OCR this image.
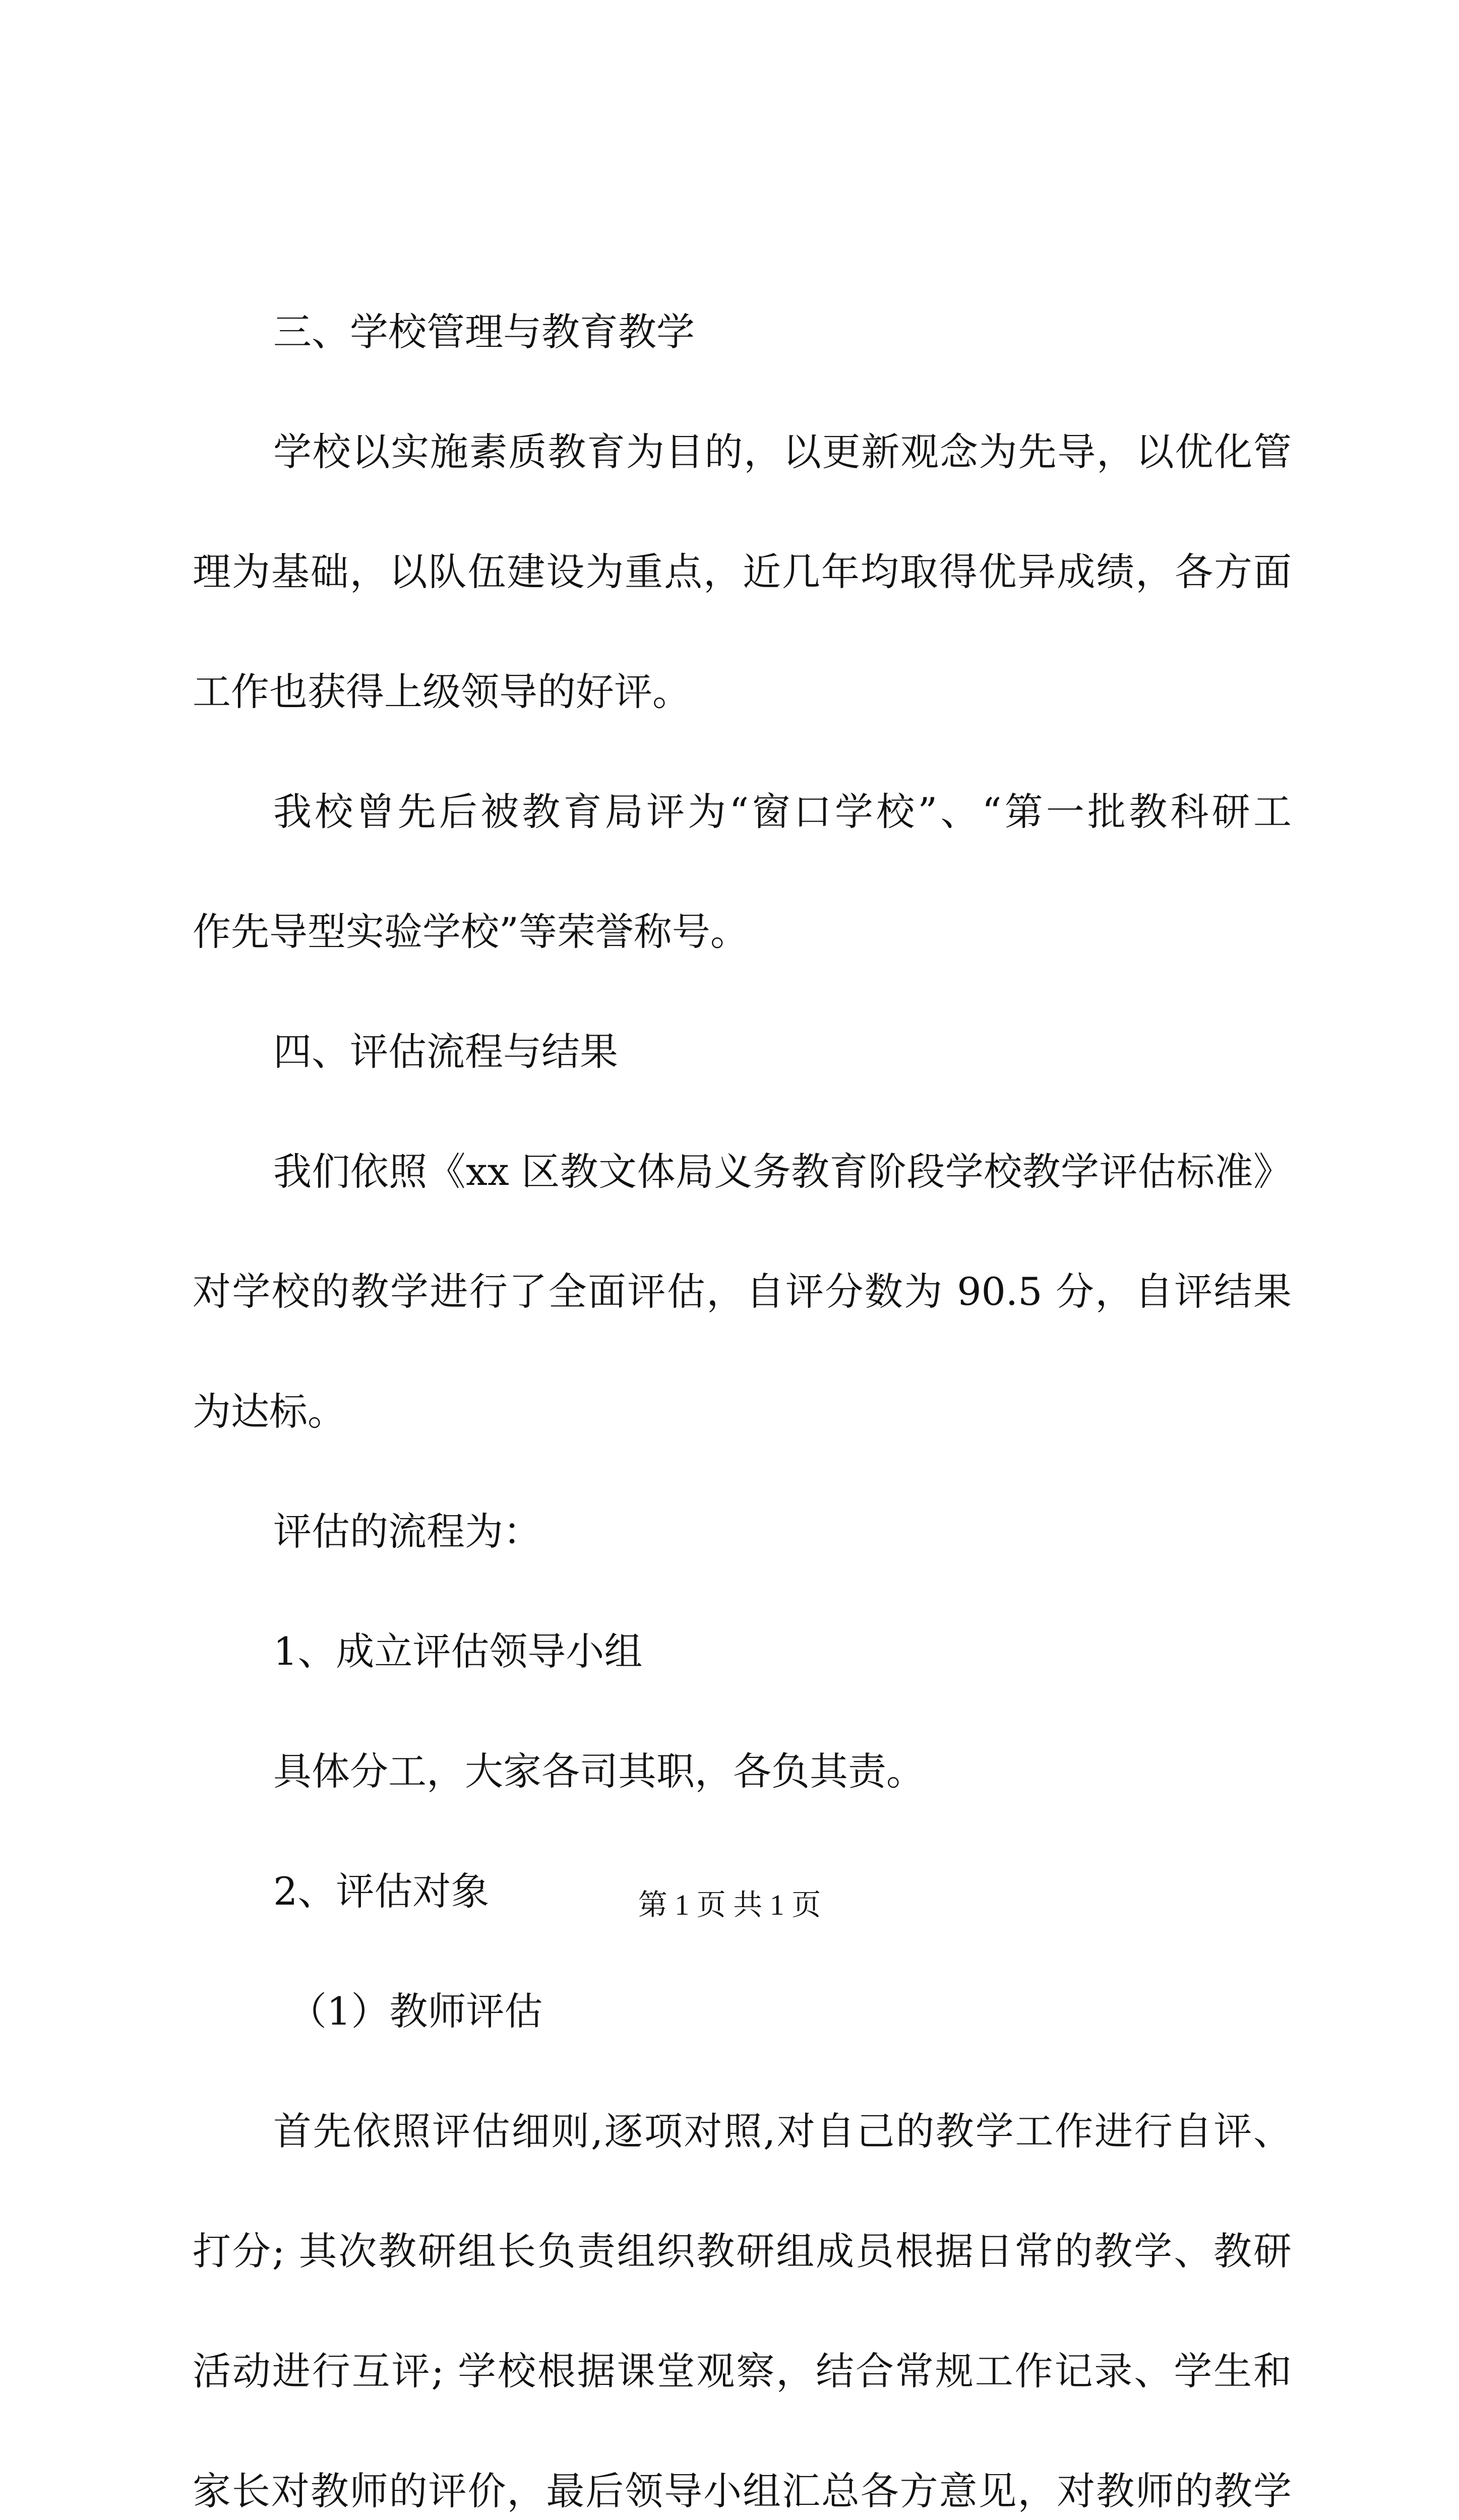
三、学校管理与教育教学
学校以实施素质教育为目的，以更新观念为先导，以优化管
理为基础，以队伍建设为重点，近几年均取得优异成绩，各方面
工作也获得上级领导的好评。
我校曾先后被教育局评为“窗口学校”、“第一批教科研工
作先导型实验学校”等荣誉称号。
四、评估流程与结果
我们依照《xx 区教文体局义务教育阶段学校教学评估标准》
对学校的教学进行了全面评估，自评分数为 90.5 分，自评结果
为达标。
评估的流程为：
1、成立评估领导小组
具体分工，大家各司其职，各负其责。
2、评估对象
（1）教师评估
首先依照评估细则,逐项对照,对自己的教学工作进行自评、
打分; 其次教研组长负责组织教研组成员根据日常的教学、教研
活动进行互评; 学校根据课堂观察，结合常规工作记录、学生和
家长对教师的评价，最后领导小组汇总各方意见，对教师的教学
第 1 页 共 1 页
